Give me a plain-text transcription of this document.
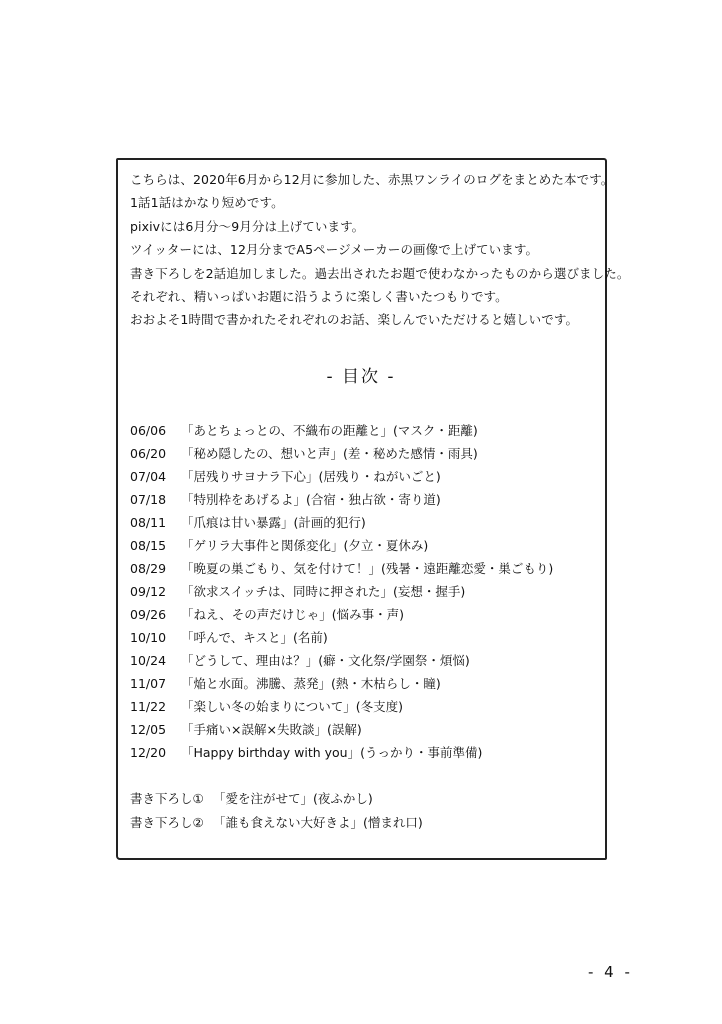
こちらは、2020年6月から12月に参加した、赤黒ワンライのログをまとめた本です。

1話1話はかなり短めです。

pixivには6月分〜9月分は上げています。

ツイッターには、12月分までA5ページメーカーの画像で上げています。

書き下ろしを2話追加しました。過去出されたお題で使わなかったものから選びました。

それぞれ、精いっぱいお題に沿うように楽しく書いたつもりです。

おおよそ1時間で書かれたそれぞれのお話、楽しんでいただけると嬉しいです。

- 目次 -
06/06	「あとちょっとの、不織布の距離と」(マスク・距離)
06/20	「秘め隠したの、想いと声」(差・秘めた感情・雨具)
07/04	「居残りサヨナラ下心」(居残り・ねがいごと)
07/18	「特別枠をあげるよ」(合宿・独占欲・寄り道)
08/11	「爪痕は甘い暴露」(計画的犯行)
08/15	「ゲリラ大事件と関係変化」(夕立・夏休み)
08/29	「晩夏の巣ごもり、気を付けて！」(残暑・遠距離恋愛・巣ごもり)
09/12	「欲求スイッチは、同時に押された」(妄想・握手)
09/26	「ねえ、その声だけじゃ」(悩み事・声)
10/10	「呼んで、キスと」(名前)
10/24	「どうして、理由は？」(癖・文化祭/学園祭・煩悩)
11/07	「焔と水面。沸騰、蒸発」(熱・木枯らし・瞳)
11/22	「楽しい冬の始まりについて」(冬支度)
12/05	「手痛い×誤解×失敗談」(誤解)
12/20	「Happy birthday with you」(うっかり・事前準備)
書き下ろし① 「愛を注がせて」(夜ふかし)
書き下ろし② 「誰も食えない大好きよ」(憎まれ口)
- 4 -
